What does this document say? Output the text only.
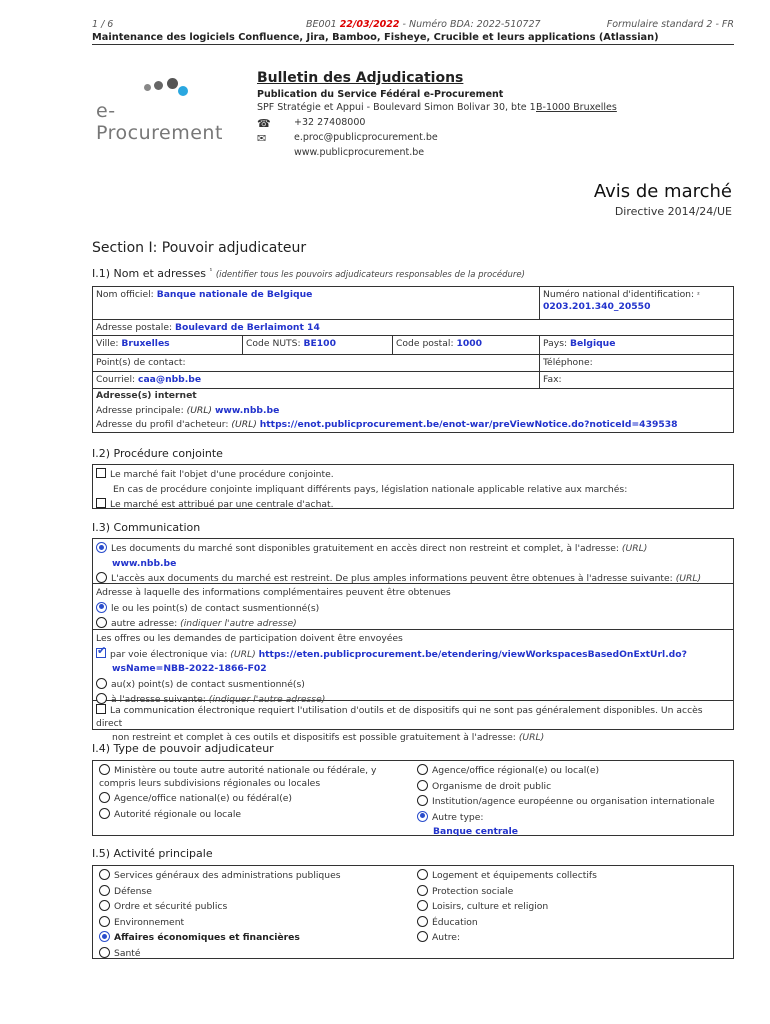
1 / 6	BE001 22/03/2022 - Numéro BDA: 2022-510727	Formulaire standard 2 - FR
Maintenance des logiciels Confluence, Jira, Bamboo, Fisheye, Crucible et leurs applications (Atlassian)
e-Procurement
Bulletin des Adjudications
Publication du Service Fédéral e-Procurement
SPF Stratégie et Appui - Boulevard Simon Bolivar 30, bte 1 B-1000 Bruxelles
☎ +32 27408000
✉	e.proc@publicprocurement.be
www.publicprocurement.be
Avis de marché
Directive 2014/24/UE
Section I: Pouvoir adjudicateur
I.1) Nom et adresses $^{^1}$ (identifier tous les pouvoirs adjudicateurs responsables de la procédure)
Nom officiel: Banque nationale de Belgique	Numéro national d'identification: $^{^2}$ 0203.201.340_20550
Adresse postale: Boulevard de Berlaimont 14
Ville: Bruxelles	Code NUTS: BE100	Code postal: 1000	Pays: Belgique
Point(s) de contact:	Téléphone:
Courriel: caa@nbb.be	Fax:
Adresse(s) internet
Adresse principale: (URL) www.nbb.be
Adresse du profil d'acheteur: (URL) https://enot.publicprocurement.be/enot-war/preViewNotice.do?noticeId=439538
I.2) Procédure conjointe
Le marché fait l'objet d'une procédure conjointe.
En cas de procédure conjointe impliquant différents pays, législation nationale applicable relative aux marchés:
Le marché est attribué par une centrale d'achat.
I.3) Communication
Les documents du marché sont disponibles gratuitement en accès direct non restreint et complet, à l'adresse: (URL)
www.nbb.be
L'accès aux documents du marché est restreint. De plus amples informations peuvent être obtenues à l'adresse suivante: (URL)
Adresse à laquelle des informations complémentaires peuvent être obtenues
le ou les point(s) de contact susmentionné(s)
autre adresse: (indiquer l'autre adresse)
Les offres ou les demandes de participation doivent être envoyées
✔par voie électronique via: (URL) https://eten.publicprocurement.be/etendering/viewWorkspacesBasedOnExtUrl.do?
wsName=NBB-2022-1866-F02
au(x) point(s) de contact susmentionné(s)
à l'adresse suivante: (indiquer l'autre adresse)
La communication électronique requiert l'utilisation d'outils et de dispositifs qui ne sont pas généralement disponibles. Un accès direct
non restreint et complet à ces outils et dispositifs est possible gratuitement à l'adresse: (URL)
I.4) Type de pouvoir adjudicateur
Ministère ou toute autre autorité nationale ou fédérale, y compris leurs subdivisions régionales ou locales
Agence/office national(e) ou fédéral(e)
Autorité régionale ou locale
Agence/office régional(e) ou local(e)
Organisme de droit public
Institution/agence européenne ou organisation internationale
Autre type:
Banque centrale
I.5) Activité principale
Services généraux des administrations publiques
Défense
Ordre et sécurité publics
Environnement
Affaires économiques et financières
Santé
Logement et équipements collectifs
Protection sociale
Loisirs, culture et religion
Éducation
Autre:
